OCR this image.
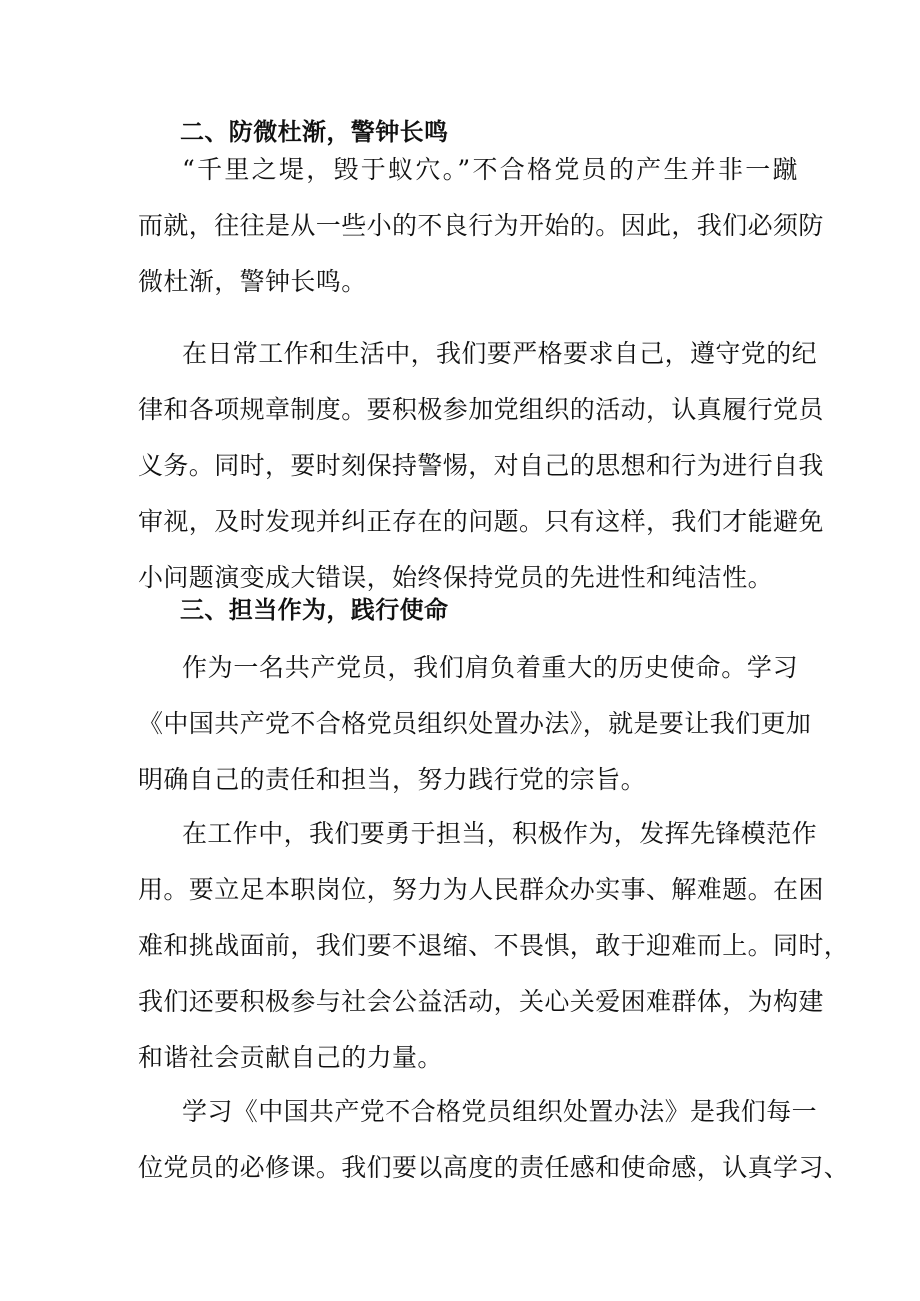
二、防微杜渐，警钟长鸣
“千里之堤，毁于蚁穴。”不合格党员的产生并非一蹴
而就，往往是从一些小的不良行为开始的。因此，我们必须防
微杜渐，警钟长鸣。
在日常工作和生活中，我们要严格要求自己，遵守党的纪
律和各项规章制度。要积极参加党组织的活动，认真履行党员
义务。同时，要时刻保持警惕，对自己的思想和行为进行自我
审视，及时发现并纠正存在的问题。只有这样，我们才能避免
小问题演变成大错误，始终保持党员的先进性和纯洁性。
三、担当作为，践行使命
作为一名共产党员，我们肩负着重大的历史使命。学习
《中国共产党不合格党员组织处置办法》，就是要让我们更加
明确自己的责任和担当，努力践行党的宗旨。
在工作中，我们要勇于担当，积极作为，发挥先锋模范作
用。要立足本职岗位，努力为人民群众办实事、解难题。在困
难和挑战面前，我们要不退缩、不畏惧，敢于迎难而上。同时，
我们还要积极参与社会公益活动，关心关爱困难群体，为构建
和谐社会贡献自己的力量。
学习《中国共产党不合格党员组织处置办法》是我们每一
位党员的必修课。我们要以高度的责任感和使命感，认真学习、
